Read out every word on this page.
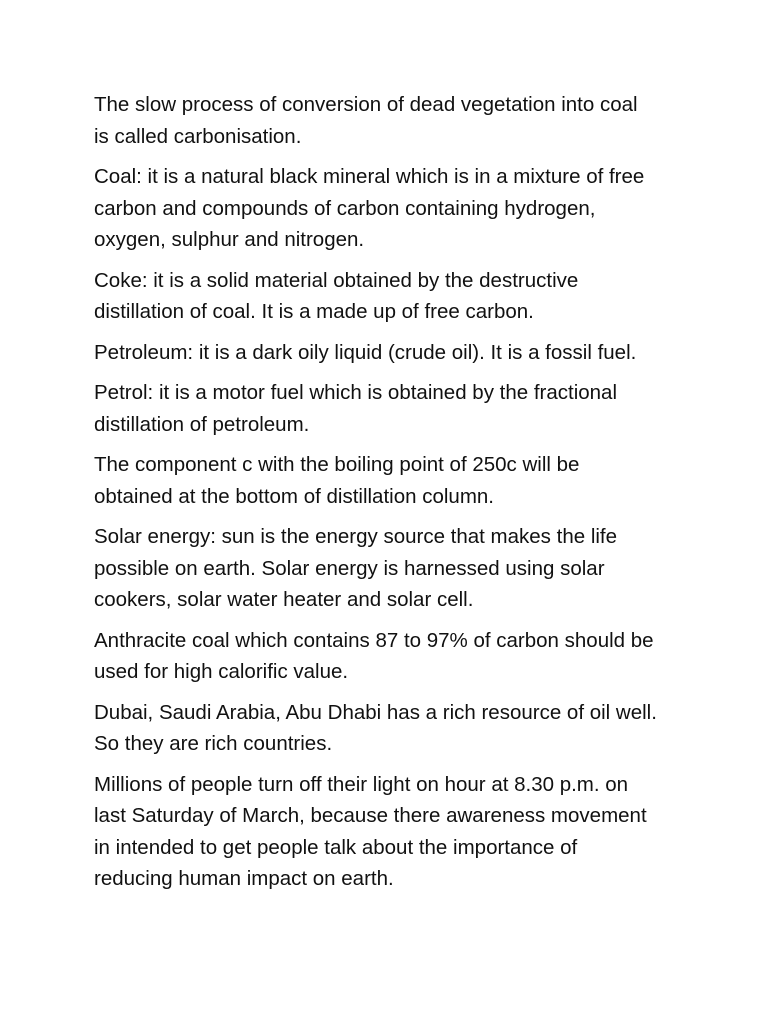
The slow process of conversion of dead vegetation into coal
is called carbonisation.

Coal: it is a natural black mineral which is in a mixture of free
carbon and compounds of carbon containing hydrogen,
oxygen, sulphur and nitrogen.

Coke: it is a solid material obtained by the destructive
distillation of coal. It is a made up of free carbon.

Petroleum: it is a dark oily liquid (crude oil). It is a fossil fuel.

Petrol: it is a motor fuel which is obtained by the fractional
distillation of petroleum.

The component c with the boiling point of 250c will be
obtained at the bottom of distillation column.

Solar energy: sun is the energy source that makes the life
possible on earth. Solar energy is harnessed using solar
cookers, solar water heater and solar cell.

Anthracite coal which contains 87 to 97% of carbon should be
used for high calorific value.

Dubai, Saudi Arabia, Abu Dhabi has a rich resource of oil well.
So they are rich countries.

Millions of people turn off their light on hour at 8.30 p.m. on
last Saturday of March, because there awareness movement
in intended to get people talk about the importance of
reducing human impact on earth.
